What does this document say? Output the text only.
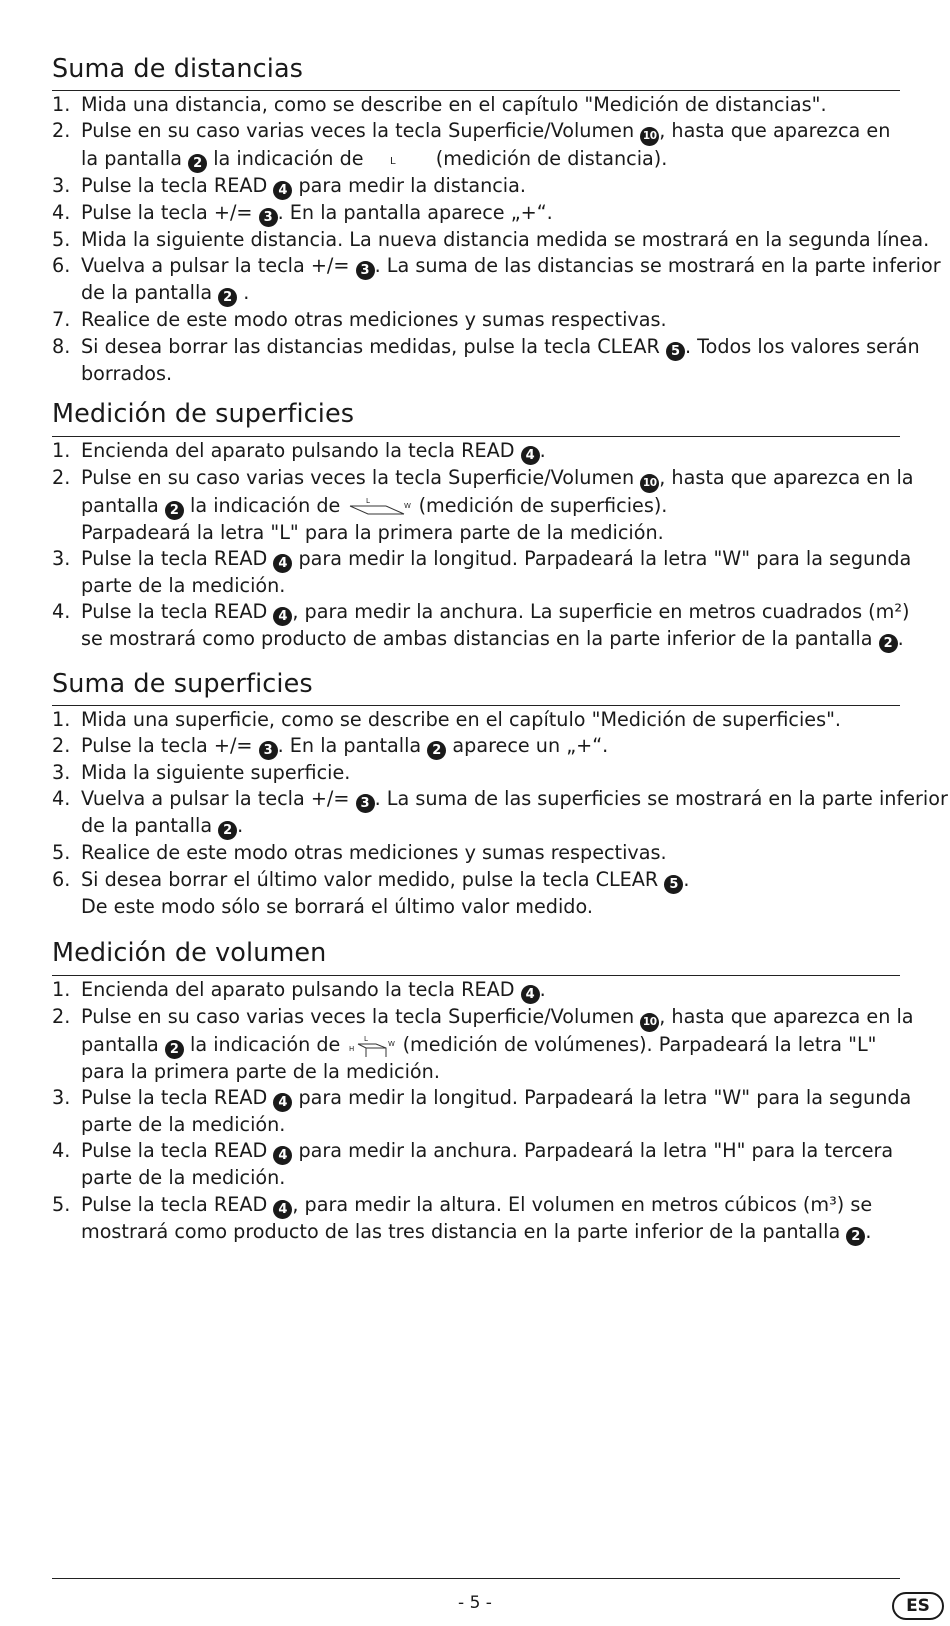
Suma de distancias
1. Mida una distancia, como se describe en el capítulo "Medición de distancias".
2. Pulse en su caso varias veces la tecla Superficie/Volumen 10 , hasta que aparezca en
la pantalla 2 la indicación de L (medición de distancia).
3. Pulse la tecla READ 4 para medir la distancia.
4. Pulse la tecla +/= 3 . En la pantalla aparece „+“.
5. Mida la siguiente distancia. La nueva distancia medida se mostrará en la segunda línea.
6. Vuelva a pulsar la tecla +/= 3 . La suma de las distancias se mostrará en la parte inferior
de la pantalla 2 .
7. Realice de este modo otras mediciones y sumas respectivas.
8. Si desea borrar las distancias medidas, pulse la tecla CLEAR 5 . Todos los valores serán
borrados.
Medición de superficies
1. Encienda del aparato pulsando la tecla READ 4 .
2. Pulse en su caso varias veces la tecla Superficie/Volumen 10 , hasta que aparezca en la
pantalla 2 la indicación de	L
W (medición de superficies).
Parpadeará la letra "L" para la primera parte de la medición.
3. Pulse la tecla READ 4 para medir la longitud. Parpadeará la letra "W" para la segunda
parte de la medición.
4. Pulse la tecla READ 4 , para medir la anchura. La superficie en metros cuadrados (m²)
se mostrará como producto de ambas distancias en la parte inferior de la pantalla 2 .
Suma de superficies
1. Mida una superficie, como se describe en el capítulo "Medición de superficies".
2. Pulse la tecla +/= 3 . En la pantalla 2 aparece un „+“.
3. Mida la siguiente superficie.
4. Vuelva a pulsar la tecla +/= 3 . La suma de las superficies se mostrará en la parte inferior
de la pantalla 2 .
5. Realice de este modo otras mediciones y sumas respectivas.
6. Si desea borrar el último valor medido, pulse la tecla CLEAR 5 .
De este modo sólo se borrará el último valor medido.
Medición de volumen
1. Encienda del aparato pulsando la tecla READ 4 .
2. Pulse en su caso varias veces la tecla Superficie/Volumen 10 , hasta que aparezca en la
pantalla 2 la indicación de	L
W
H (medición de volúmenes). Parpadeará la letra "L"
para la primera parte de la medición.
3. Pulse la tecla READ 4 para medir la longitud. Parpadeará la letra "W" para la segunda
parte de la medición.
4. Pulse la tecla READ 4 para medir la anchura. Parpadeará la letra "H" para la tercera
parte de la medición.
5. Pulse la tecla READ 4 , para medir la altura. El volumen en metros cúbicos (m³) se
mostrará como producto de las tres distancia en la parte inferior de la pantalla 2 .
- 5 -	ES
